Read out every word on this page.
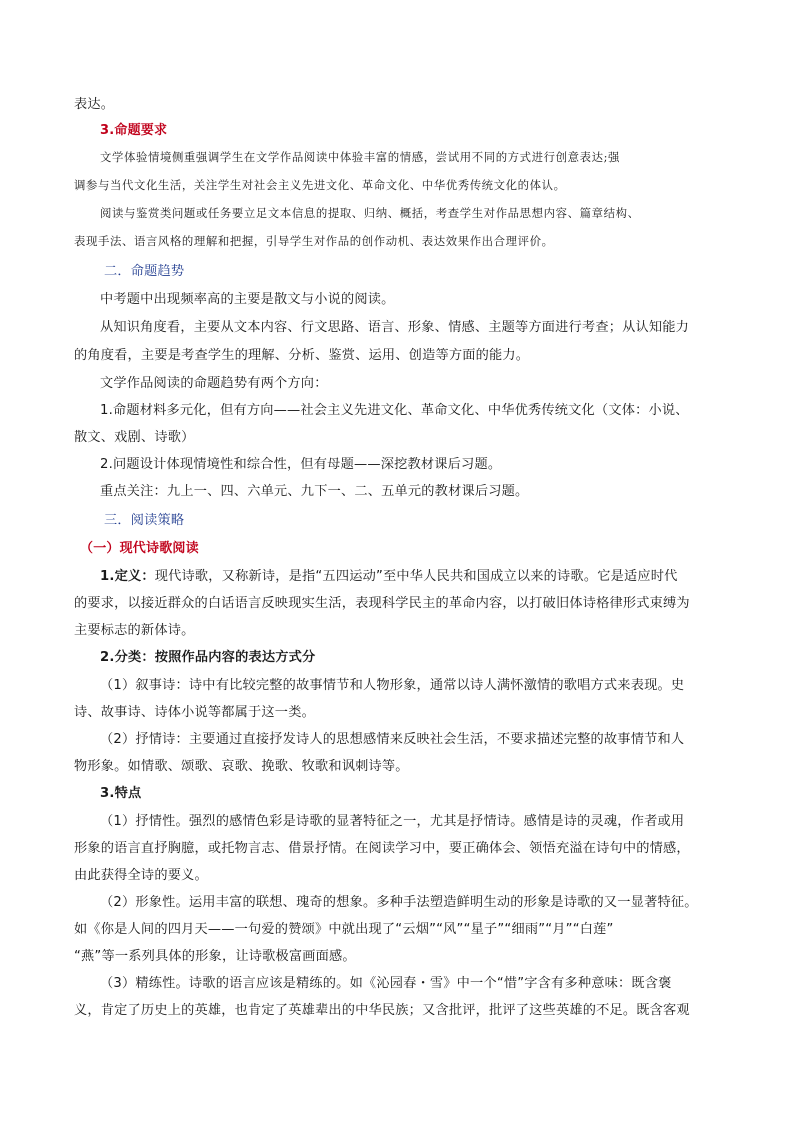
表达。
3.命题要求
文学体验情境侧重强调学生在文学作品阅读中体验丰富的情感，尝试用不同的方式进行创意表达;强
调参与当代文化生活，关注学生对社会主义先进文化、革命文化、中华优秀传统文化的体认。
阅读与鉴赏类问题或任务要立足文本信息的提取、归纳、概括，考查学生对作品思想内容、篇章结构、
表现手法、语言风格的理解和把握，引导学生对作品的创作动机、表达效果作出合理评价。
二．命题趋势
中考题中出现频率高的主要是散文与小说的阅读。
从知识角度看，主要从文本内容、行文思路、语言、形象、情感、主题等方面进行考查；从认知能力
的角度看，主要是考查学生的理解、分析、鉴赏、运用、创造等方面的能力。
文学作品阅读的命题趋势有两个方向：
1.命题材料多元化，但有方向——社会主义先进文化、革命文化、中华优秀传统文化（文体：小说、
散文、戏剧、诗歌）
2.问题设计体现情境性和综合性，但有母题——深挖教材课后习题。
重点关注：九上一、四、六单元、九下一、二、五单元的教材课后习题。
三．阅读策略
（一）现代诗歌阅读
1.定义：现代诗歌，又称新诗，是指“五四运动”至中华人民共和国成立以来的诗歌。它是适应时代
的要求，以接近群众的白话语言反映现实生活，表现科学民主的革命内容，以打破旧体诗格律形式束缚为
主要标志的新体诗。
2.分类：按照作品内容的表达方式分
（1）叙事诗：诗中有比较完整的故事情节和人物形象，通常以诗人满怀激情的歌唱方式来表现。史
诗、故事诗、诗体小说等都属于这一类。
（2）抒情诗：主要通过直接抒发诗人的思想感情来反映社会生活，不要求描述完整的故事情节和人
物形象。如情歌、颂歌、哀歌、挽歌、牧歌和讽刺诗等。
3.特点
（1）抒情性。强烈的感情色彩是诗歌的显著特征之一，尤其是抒情诗。感情是诗的灵魂，作者或用
形象的语言直抒胸臆，或托物言志、借景抒情。在阅读学习中，要正确体会、领悟充溢在诗句中的情感，
由此获得全诗的要义。
（2）形象性。运用丰富的联想、瑰奇的想象。多种手法塑造鲜明生动的形象是诗歌的又一显著特征。
如《你是人间的四月天——一句爱的赞颂》中就出现了“云烟”“风”“星子”“细雨”“月”“白莲”
“燕”等一系列具体的形象，让诗歌极富画面感。
（3）精练性。诗歌的语言应该是精练的。如《沁园春・雪》中一个“惜”字含有多种意味：既含褒
义，肯定了历史上的英雄，也肯定了英雄辈出的中华民族；又含批评，批评了这些英雄的不足。既含客观
